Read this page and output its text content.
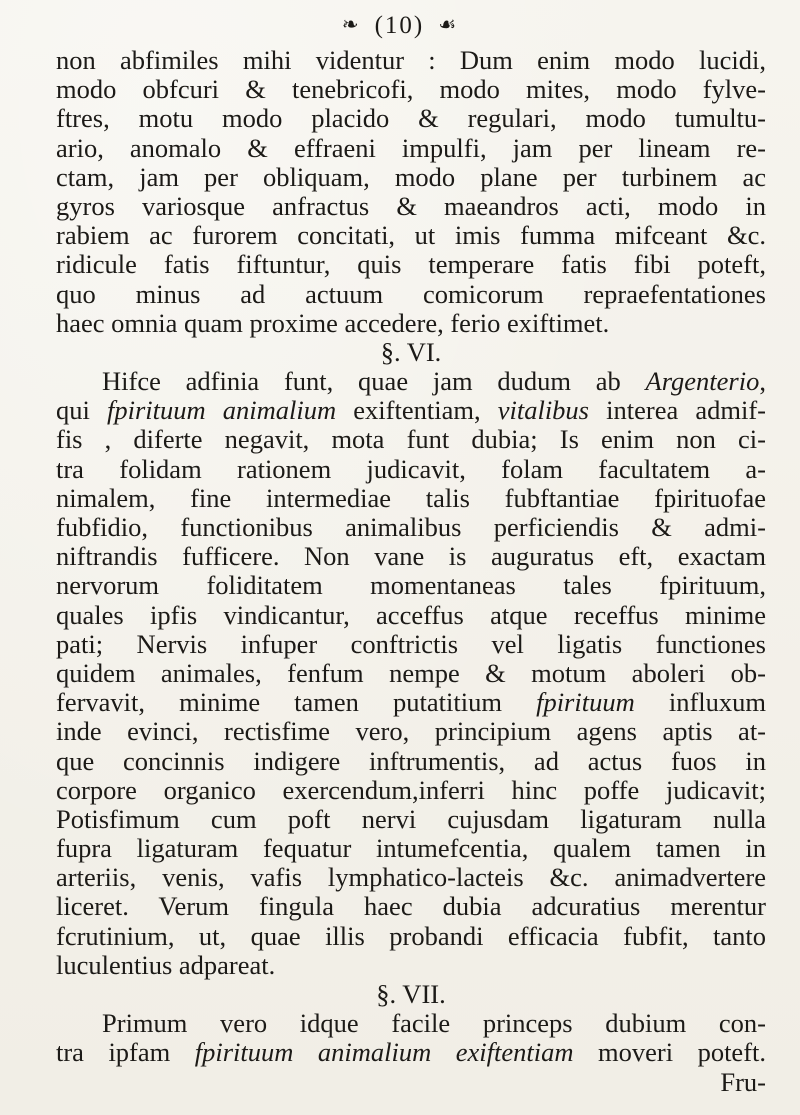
❧ (10) ☙
non abfimiles mihi videntur : Dum enim modo lucidi,
modo obfcuri & tenebricofi, modo mites, modo fylve-
ftres, motu modo placido & regulari, modo tumultu-
ario, anomalo & effraeni impulfi, jam per lineam re-
ctam, jam per obliquam, modo plane per turbinem ac
gyros variosque anfractus & maeandros acti, modo in
rabiem ac furorem concitati, ut imis fumma mifceant &c.
ridicule fatis fiftuntur, quis temperare fatis fibi poteft,
quo minus ad actuum comicorum repraefentationes
haec omnia quam proxime accedere, ferio exiftimet.
§. VI.
Hifce adfinia funt, quae jam dudum ab Argenterio,
qui fpirituum animalium exiftentiam, vitalibus interea admif-
fis , diferte negavit, mota funt dubia; Is enim non ci-
tra folidam rationem judicavit, folam facultatem a-
nimalem, fine intermediae talis fubftantiae fpirituofae
fubfidio, functionibus animalibus perficiendis & admi-
niftrandis fufficere. Non vane is auguratus eft, exactam
nervorum foliditatem momentaneas tales fpirituum,
quales ipfis vindicantur, acceffus atque receffus minime
pati; Nervis infuper conftrictis vel ligatis functiones
quidem animales, fenfum nempe & motum aboleri ob-
fervavit, minime tamen putatitium fpirituum influxum
inde evinci, rectisfime vero, principium agens aptis at-
que concinnis indigere inftrumentis, ad actus fuos in
corpore organico exercendum,inferri hinc poffe judicavit;
Potisfimum cum poft nervi cujusdam ligaturam nulla
fupra ligaturam fequatur intumefcentia, qualem tamen in
arteriis, venis, vafis lymphatico-lacteis &c. animadvertere
liceret. Verum fingula haec dubia adcuratius merentur
fcrutinium, ut, quae illis probandi efficacia fubfit, tanto
luculentius adpareat.
§. VII.
Primum vero idque facile princeps dubium con-
tra ipfam fpirituum animalium exiftentiam moveri poteft.
Fru-
